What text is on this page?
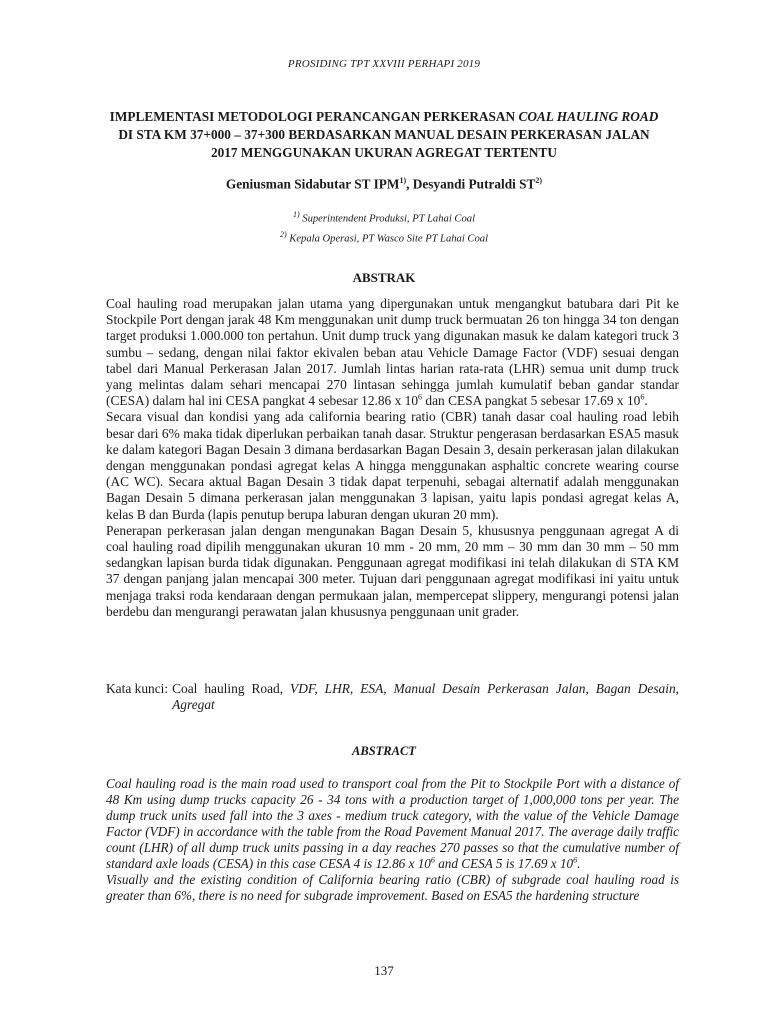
PROSIDING TPT XXVIII PERHAPI 2019
IMPLEMENTASI METODOLOGI PERANCANGAN PERKERASAN COAL HAULING ROAD
DI STA KM 37+000 – 37+300 BERDASARKAN MANUAL DESAIN PERKERASAN JALAN
2017 MENGGUNAKAN UKURAN AGREGAT TERTENTU
Geniusman Sidabutar ST IPM$^{1)}$, Desyandi Putraldi ST$^{2)}$
$^{1)}$ Superintendent Produksi, PT Lahai Coal
$^{2)}$ Kepala Operasi, PT Wasco Site PT Lahai Coal
ABSTRAK

Coal hauling road merupakan jalan utama yang dipergunakan untuk mengangkut batubara dari Pit ke Stockpile Port dengan jarak 48 Km menggunakan unit dump truck bermuatan 26 ton hingga 34 ton dengan target produksi 1.000.000 ton pertahun. Unit dump truck yang digunakan masuk ke dalam kategori truck 3 sumbu – sedang, dengan nilai faktor ekivalen beban atau Vehicle Damage Factor (VDF) sesuai dengan tabel dari Manual Perkerasan Jalan 2017. Jumlah lintas harian rata-rata (LHR) semua unit dump truck yang melintas dalam sehari mencapai 270 lintasan sehingga jumlah kumulatif beban gandar standar (CESA) dalam hal ini CESA pangkat 4 sebesar 12.86 x $10^6$ dan CESA pangkat 5 sebesar 17.69 x $10^6$.

Secara visual dan kondisi yang ada california bearing ratio (CBR) tanah dasar coal hauling road lebih besar dari 6% maka tidak diperlukan perbaikan tanah dasar. Struktur pengerasan berdasarkan ESA5 masuk ke dalam kategori Bagan Desain 3 dimana berdasarkan Bagan Desain 3, desain perkerasan jalan dilakukan dengan menggunakan pondasi agregat kelas A hingga menggunakan asphaltic concrete wearing course (AC WC). Secara aktual Bagan Desain 3 tidak dapat terpenuhi, sebagai alternatif adalah menggunakan Bagan Desain 5 dimana perkerasan jalan menggunakan 3 lapisan, yaitu lapis pondasi agregat kelas A, kelas B dan Burda (lapis penutup berupa laburan dengan ukuran 20 mm).

Penerapan perkerasan jalan dengan mengunakan Bagan Desain 5, khususnya penggunaan agregat A di coal hauling road dipilih menggunakan ukuran 10 mm - 20 mm, 20 mm – 30 mm dan 30 mm – 50 mm sedangkan lapisan burda tidak digunakan. Penggunaan agregat modifikasi ini telah dilakukan di STA KM 37 dengan panjang jalan mencapai 300 meter. Tujuan dari penggunaan agregat modifikasi ini yaitu untuk menjaga traksi roda kendaraan dengan permukaan jalan, mempercepat slippery, mengurangi potensi jalan berdebu dan mengurangi perawatan jalan khususnya penggunaan unit grader.

Kata kunci: Coal hauling Road, VDF, LHR, ESA, Manual Desain Perkerasan Jalan, Bagan Desain, Agregat
ABSTRACT

Coal hauling road is the main road used to transport coal from the Pit to Stockpile Port with a distance of 48 Km using dump trucks capacity 26 - 34 tons with a production target of 1,000,000 tons per year. The dump truck units used fall into the 3 axes - medium truck category, with the value of the Vehicle Damage Factor (VDF) in accordance with the table from the Road Pavement Manual 2017. The average daily traffic count (LHR) of all dump truck units passing in a day reaches 270 passes so that the cumulative number of standard axle loads (CESA) in this case CESA 4 is 12.86 x $10^6$ and CESA 5 is 17.69 x $10^6$.

Visually and the existing condition of California bearing ratio (CBR) of subgrade coal hauling road is greater than 6%, there is no need for subgrade improvement. Based on ESA5 the hardening structure

137
